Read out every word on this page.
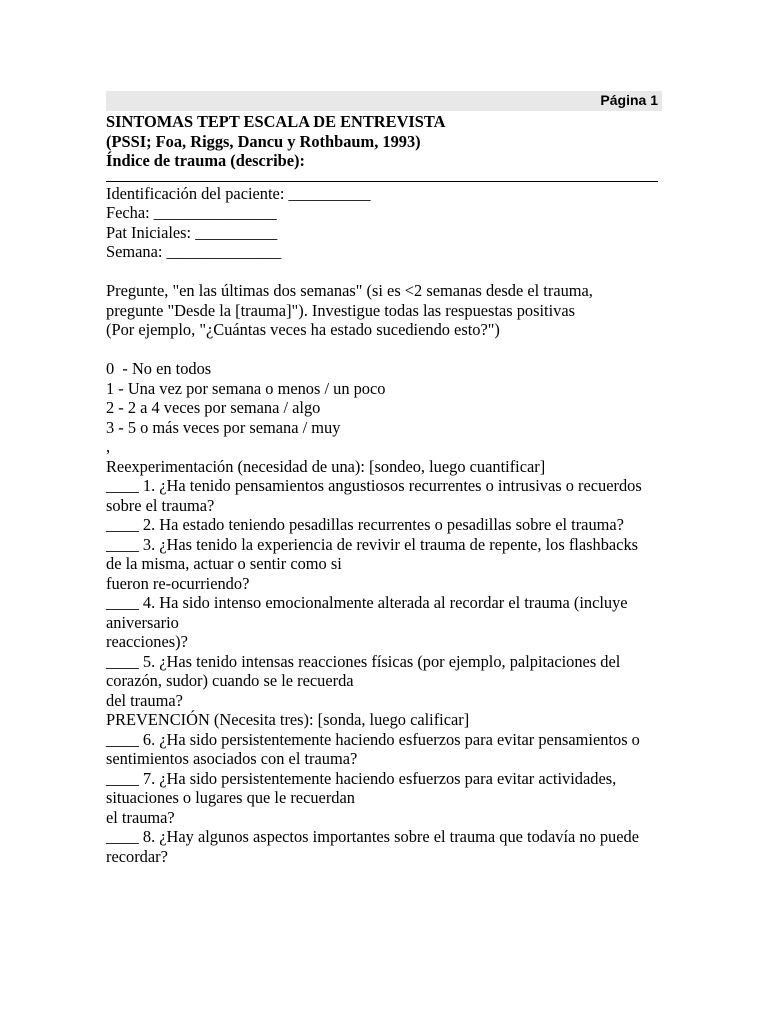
Página 1
SINTOMAS TEPT ESCALA DE ENTREVISTA
(PSSI; Foa, Riggs, Dancu y Rothbaum, 1993)
Índice de trauma (describe):
Identificación del paciente: __________
Fecha: _______________
Pat Iniciales: __________
Semana: ______________
Pregunte, "en las últimas dos semanas" (si es <2 semanas desde el trauma,
pregunte "Desde la [trauma]"). Investigue todas las respuestas positivas
(Por ejemplo, "¿Cuántas veces ha estado sucediendo esto?")
0  - No en todos
1 - Una vez por semana o menos / un poco
2 - 2 a 4 veces por semana / algo
3 - 5 o más veces por semana / muy
,
Reexperimentación (necesidad de una): [sondeo, luego cuantificar]
____ 1. ¿Ha tenido pensamientos angustiosos recurrentes o intrusivas o recuerdos
sobre el trauma?
____ 2. Ha estado teniendo pesadillas recurrentes o pesadillas sobre el trauma?
____ 3. ¿Has tenido la experiencia de revivir el trauma de repente, los flashbacks
de la misma, actuar o sentir como si
fueron re-ocurriendo?
____ 4. Ha sido intenso emocionalmente alterada al recordar el trauma (incluye
aniversario
reacciones)?
____ 5. ¿Has tenido intensas reacciones físicas (por ejemplo, palpitaciones del
corazón, sudor) cuando se le recuerda
del trauma?
PREVENCIÓN (Necesita tres): [sonda, luego calificar]
____ 6. ¿Ha sido persistentemente haciendo esfuerzos para evitar pensamientos o
sentimientos asociados con el trauma?
____ 7. ¿Ha sido persistentemente haciendo esfuerzos para evitar actividades,
situaciones o lugares que le recuerdan
el trauma?
____ 8. ¿Hay algunos aspectos importantes sobre el trauma que todavía no puede
recordar?
